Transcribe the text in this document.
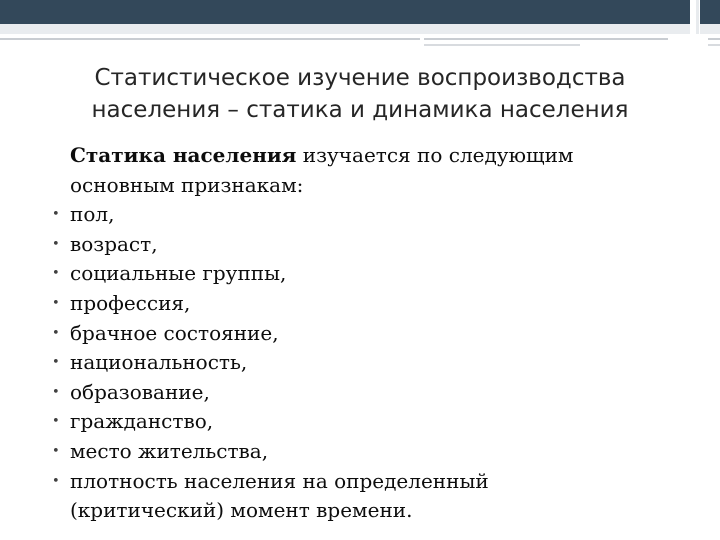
Статистическое изучение воспроизводства
населения – статика и динамика населения
Статика населения изучается по следующим
основным признакам:
• пол,
• возраст,
• социальные группы,
• профессия,
• брачное состояние,
• национальность,
• образование,
• гражданство,
• место жительства,
• плотность населения на определенный
(критический) момент времени.
